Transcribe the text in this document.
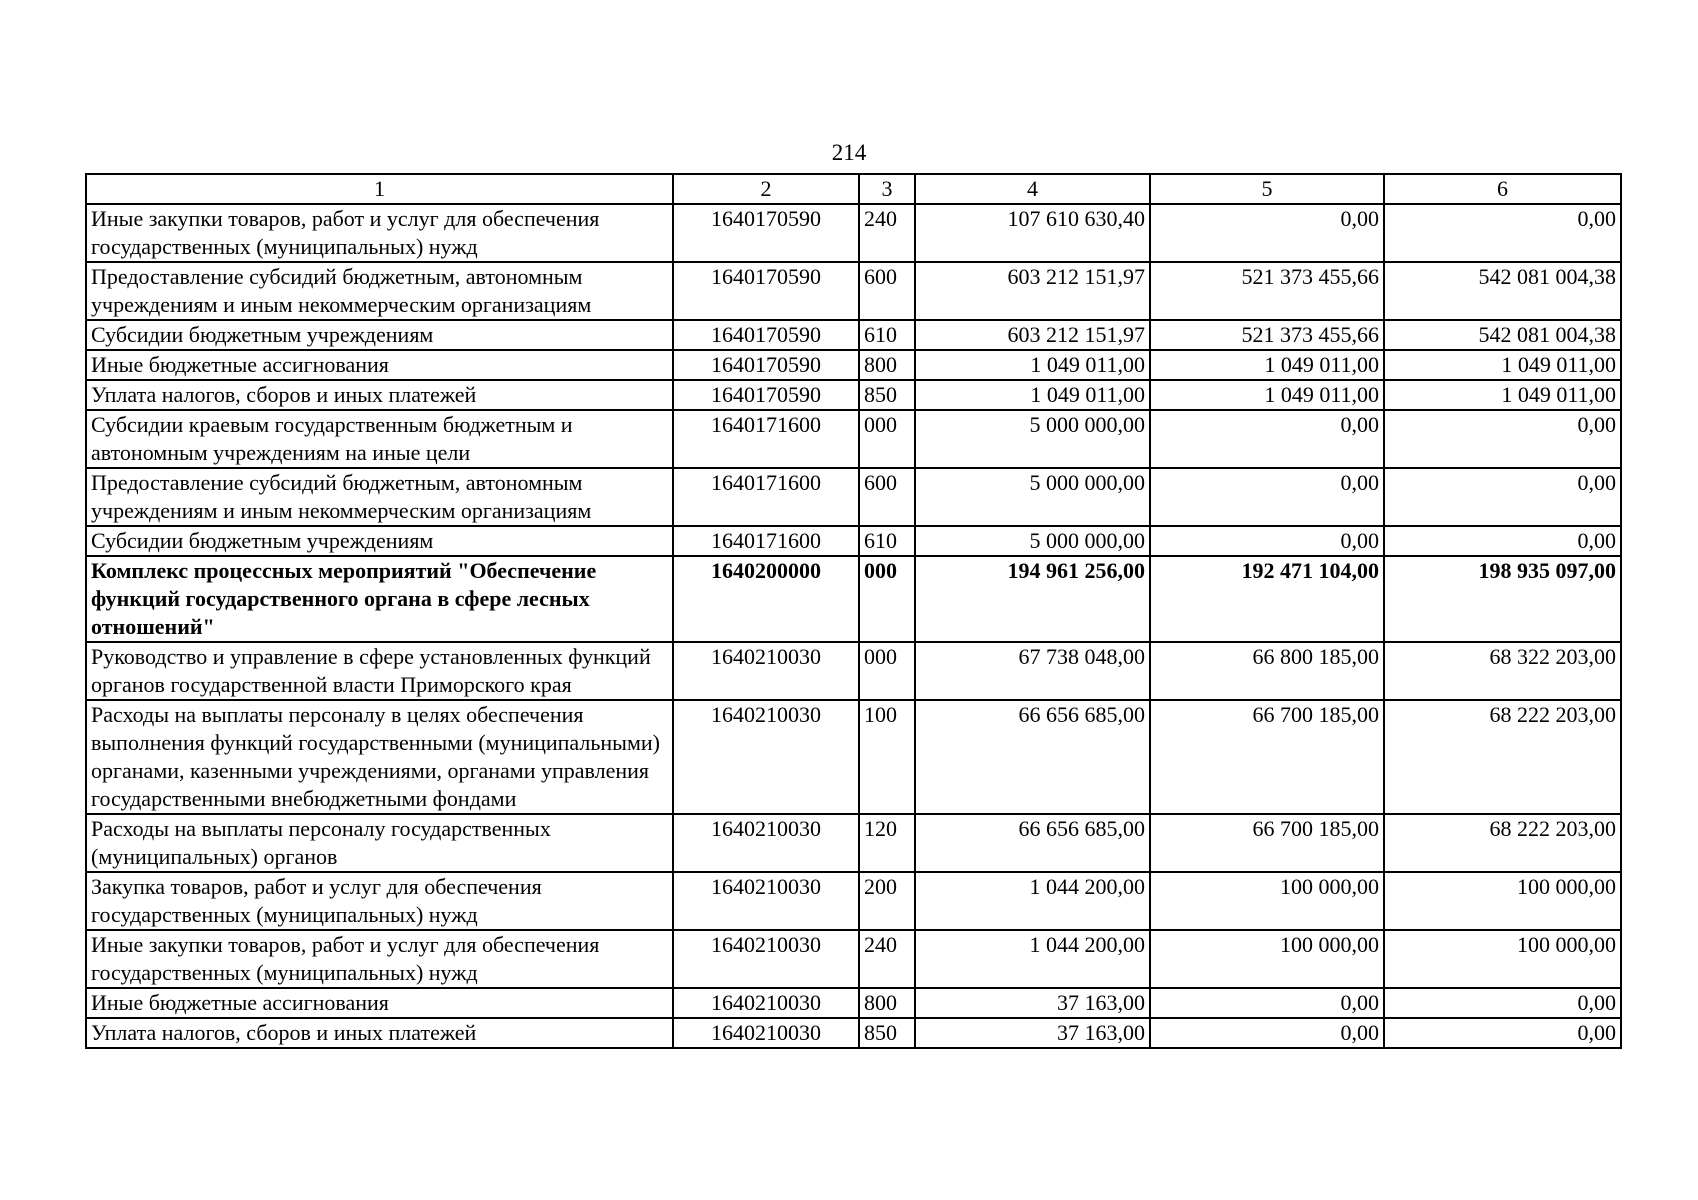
214
1	2	3	4	5	6
Иные закупки товаров, работ и услуг для обеспечения государственных (муниципальных) нужд	1640170590	240	107 610 630,40	0,00	0,00
Предоставление субсидий бюджетным, автономным учреждениям и иным некоммерческим организациям	1640170590	600	603 212 151,97	521 373 455,66	542 081 004,38
Субсидии бюджетным учреждениям	1640170590	610	603 212 151,97	521 373 455,66	542 081 004,38
Иные бюджетные ассигнования	1640170590	800	1 049 011,00	1 049 011,00	1 049 011,00
Уплата налогов, сборов и иных платежей	1640170590	850	1 049 011,00	1 049 011,00	1 049 011,00
Субсидии краевым государственным бюджетным и автономным учреждениям на иные цели	1640171600	000	5 000 000,00	0,00	0,00
Предоставление субсидий бюджетным, автономным учреждениям и иным некоммерческим организациям	1640171600	600	5 000 000,00	0,00	0,00
Субсидии бюджетным учреждениям	1640171600	610	5 000 000,00	0,00	0,00
Комплекс процессных мероприятий "Обеспечение функций государственного органа в сфере лесных отношений"	1640200000	000	194 961 256,00	192 471 104,00	198 935 097,00
Руководство и управление в сфере установленных функций органов государственной власти Приморского края	1640210030	000	67 738 048,00	66 800 185,00	68 322 203,00
Расходы на выплаты персоналу в целях обеспечения выполнения функций государственными (муниципальными) органами, казенными учреждениями, органами управления государственными внебюджетными фондами	1640210030	100	66 656 685,00	66 700 185,00	68 222 203,00
Расходы на выплаты персоналу государственных (муниципальных) органов	1640210030	120	66 656 685,00	66 700 185,00	68 222 203,00
Закупка товаров, работ и услуг для обеспечения государственных (муниципальных) нужд	1640210030	200	1 044 200,00	100 000,00	100 000,00
Иные закупки товаров, работ и услуг для обеспечения государственных (муниципальных) нужд	1640210030	240	1 044 200,00	100 000,00	100 000,00
Иные бюджетные ассигнования	1640210030	800	37 163,00	0,00	0,00
Уплата налогов, сборов и иных платежей	1640210030	850	37 163,00	0,00	0,00
